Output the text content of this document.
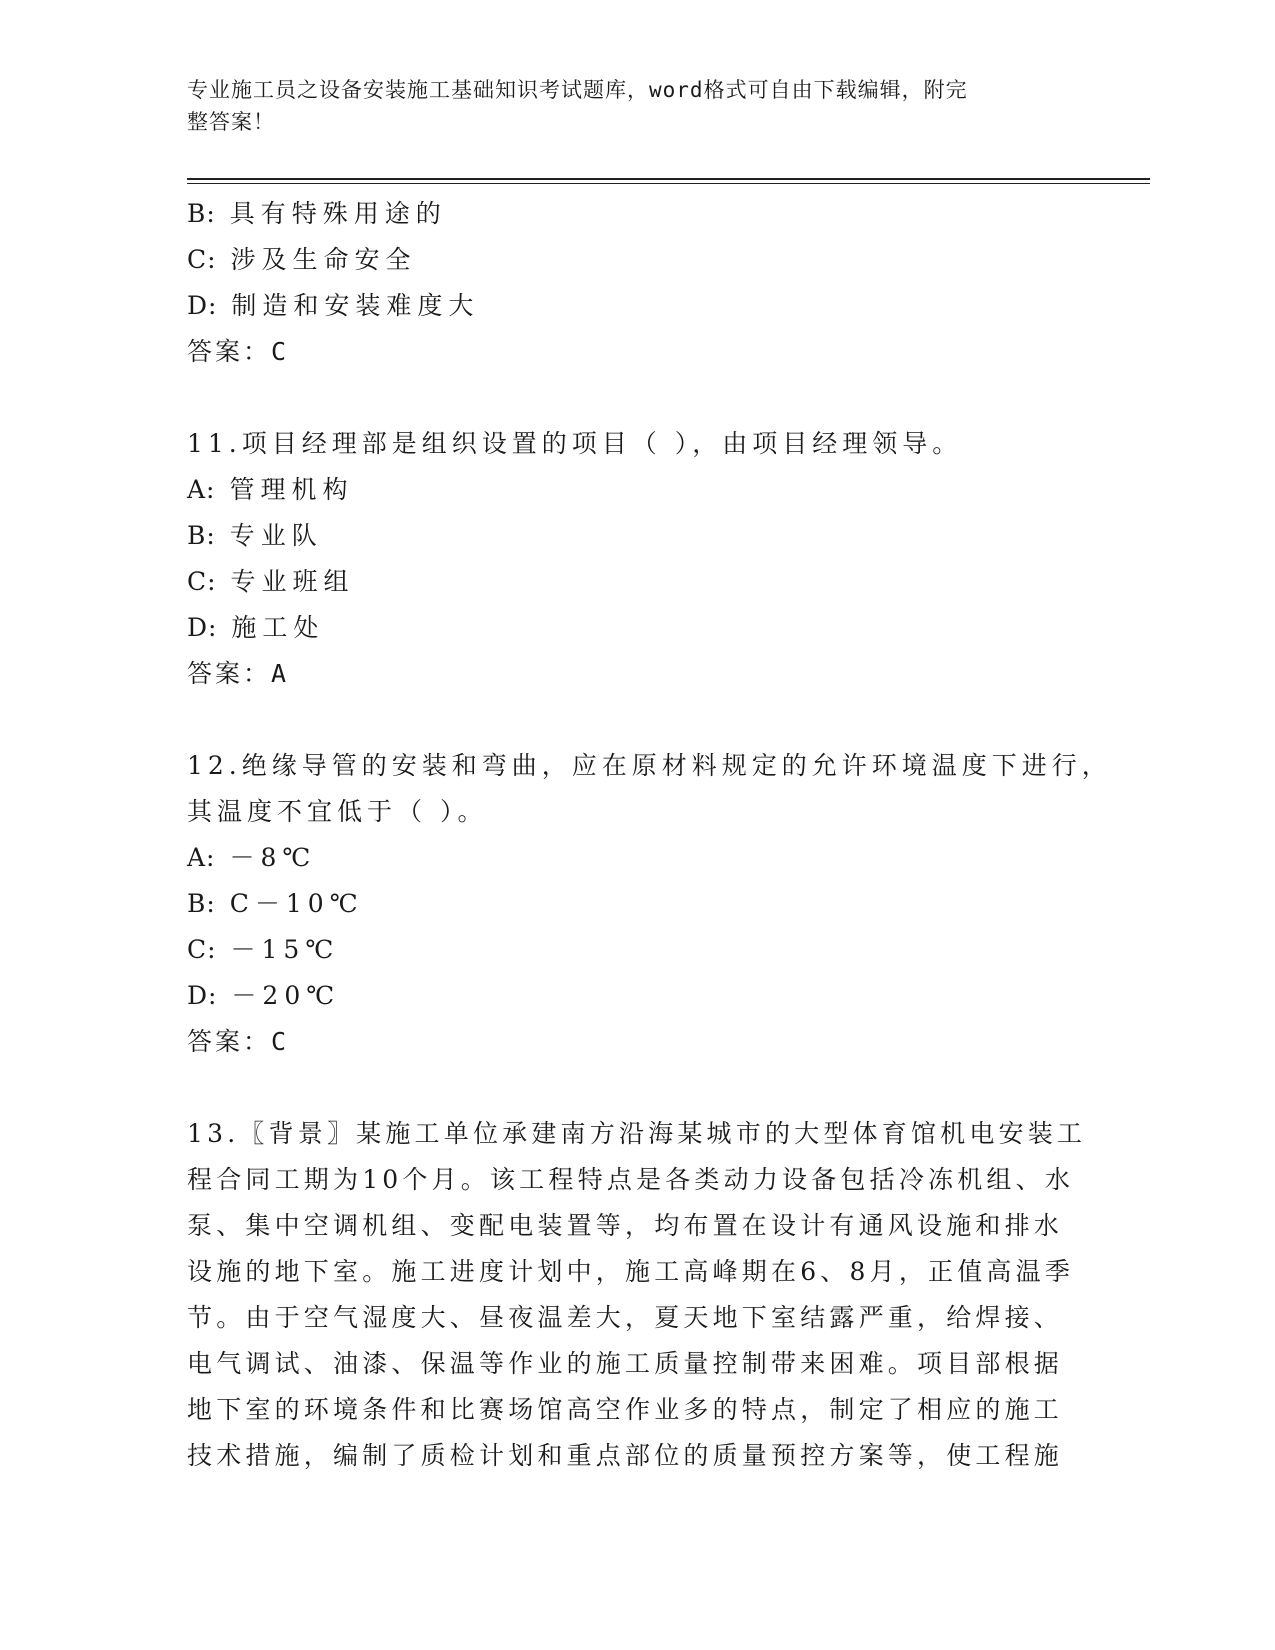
专业施工员之设备安装施工基础知识考试题库，word格式可自由下载编辑，附完
整答案！
B: 具有特殊用途的
C: 涉及生命安全
D: 制造和安装难度大
答案：C
11.项目经理部是组织设置的项目（ ），由项目经理领导。
A: 管理机构
B: 专业队
C: 专业班组
D: 施工处
答案：A
12.绝缘导管的安装和弯曲，应在原材料规定的允许环境温度下进行，
其温度不宜低于（ ）。
A: －8℃
B: C－10℃
C: －15℃
D: －20℃
答案：C
13.〖背景〗某施工单位承建南方沿海某城市的大型体育馆机电安装工
程合同工期为10个月。该工程特点是各类动力设备包括冷冻机组、水
泵、集中空调机组、变配电装置等，均布置在设计有通风设施和排水
设施的地下室。施工进度计划中，施工高峰期在6、8月，正值高温季
节。由于空气湿度大、昼夜温差大，夏天地下室结露严重，给焊接、
电气调试、油漆、保温等作业的施工质量控制带来困难。项目部根据
地下室的环境条件和比赛场馆高空作业多的特点，制定了相应的施工
技术措施，编制了质检计划和重点部位的质量预控方案等，使工程施
